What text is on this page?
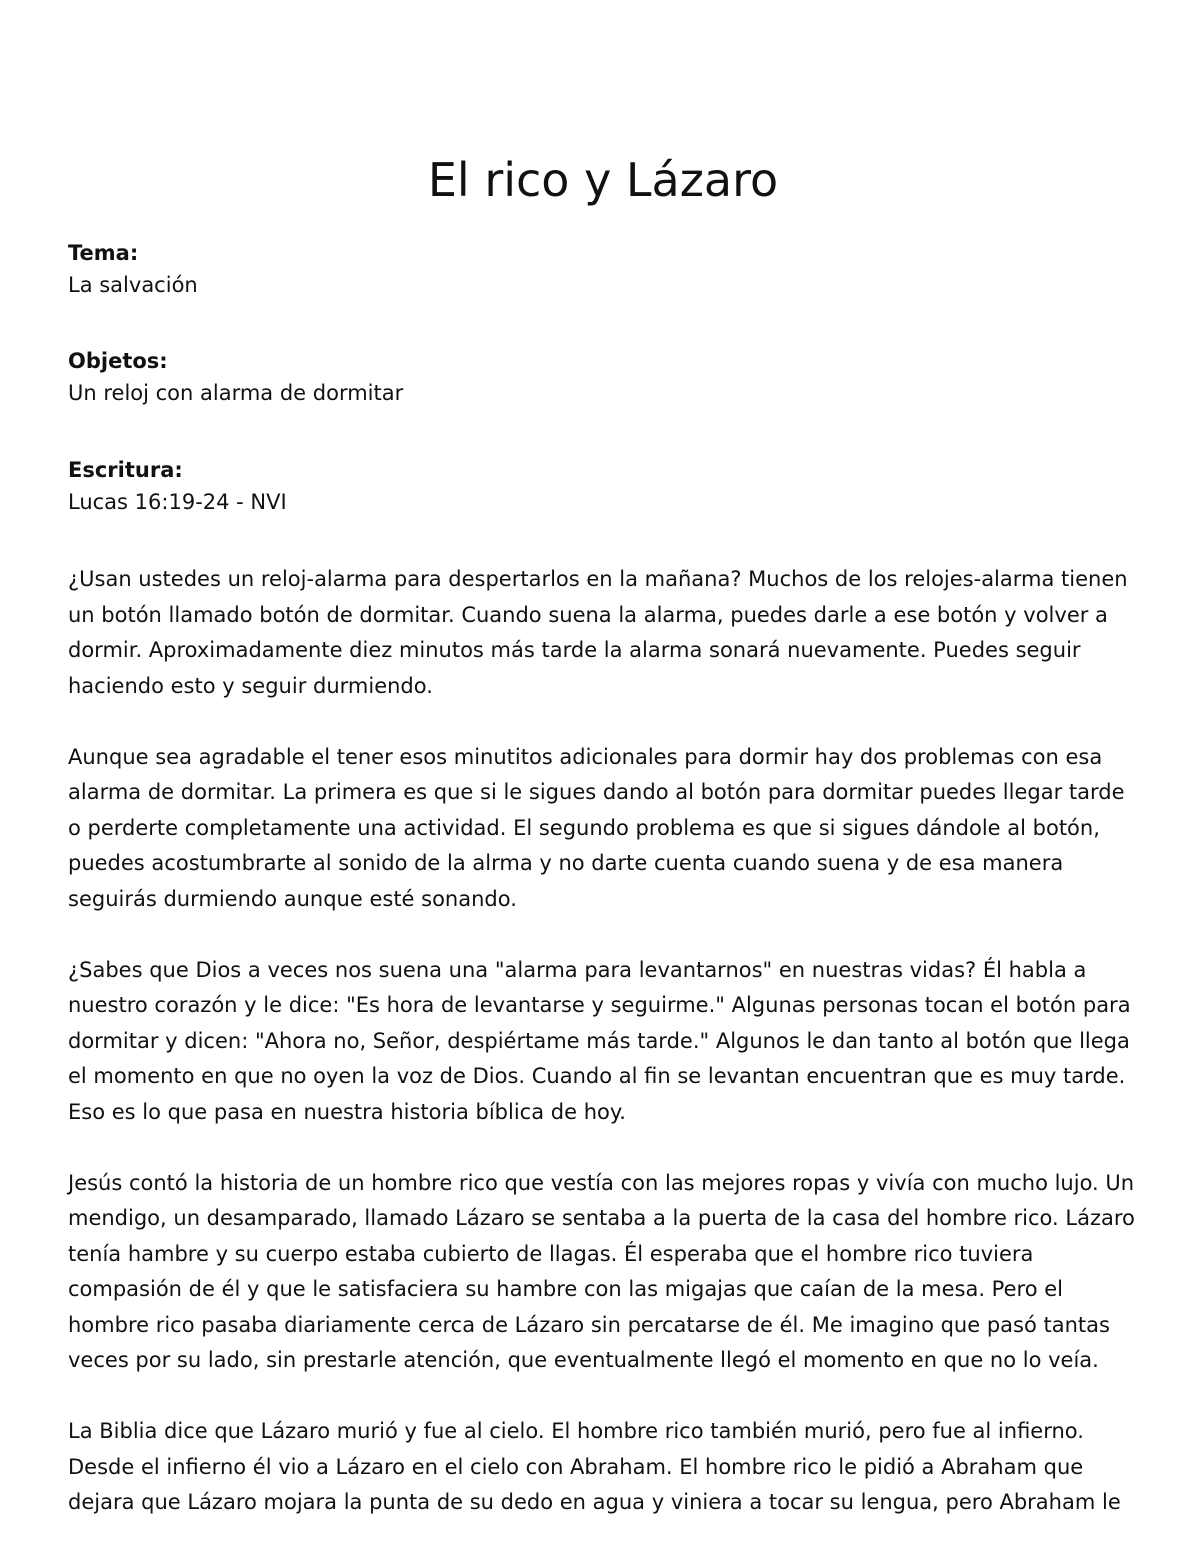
El rico y Lázaro
Tema:
La salvación
Objetos:
Un reloj con alarma de dormitar
Escritura:
Lucas 16:19-24 - NVI

¿Usan ustedes un reloj-alarma para despertarlos en la mañana? Muchos de los relojes-alarma tienen un botón llamado botón de dormitar. Cuando suena la alarma, puedes darle a ese botón y volver a dormir. Aproximadamente diez minutos más tarde la alarma sonará nuevamente. Puedes seguir haciendo esto y seguir durmiendo.

Aunque sea agradable el tener esos minutitos adicionales para dormir hay dos problemas con esa alarma de dormitar. La primera es que si le sigues dando al botón para dormitar puedes llegar tarde o perderte completamente una actividad. El segundo problema es que si sigues dándole al botón, puedes acostumbrarte al sonido de la alrma y no darte cuenta cuando suena y de esa manera seguirás durmiendo aunque esté sonando.

¿Sabes que Dios a veces nos suena una "alarma para levantarnos" en nuestras vidas? Él habla a nuestro corazón y le dice: "Es hora de levantarse y seguirme." Algunas personas tocan el botón para dormitar y dicen: "Ahora no, Señor, despiértame más tarde." Algunos le dan tanto al botón que llega el momento en que no oyen la voz de Dios. Cuando al fin se levantan encuentran que es muy tarde. Eso es lo que pasa en nuestra historia bíblica de hoy.

Jesús contó la historia de un hombre rico que vestía con las mejores ropas y vivía con mucho lujo. Un mendigo, un desamparado, llamado Lázaro se sentaba a la puerta de la casa del hombre rico. Lázaro tenía hambre y su cuerpo estaba cubierto de llagas. Él esperaba que el hombre rico tuviera compasión de él y que le satisfaciera su hambre con las migajas que caían de la mesa. Pero el hombre rico pasaba diariamente cerca de Lázaro sin percatarse de él. Me imagino que pasó tantas veces por su lado, sin prestarle atención, que eventualmente llegó el momento en que no lo veía.

La Biblia dice que Lázaro murió y fue al cielo. El hombre rico también murió, pero fue al infierno. Desde el infierno él vio a Lázaro en el cielo con Abraham. El hombre rico le pidió a Abraham que dejara que Lázaro mojara la punta de su dedo en agua y viniera a tocar su lengua, pero Abraham le
